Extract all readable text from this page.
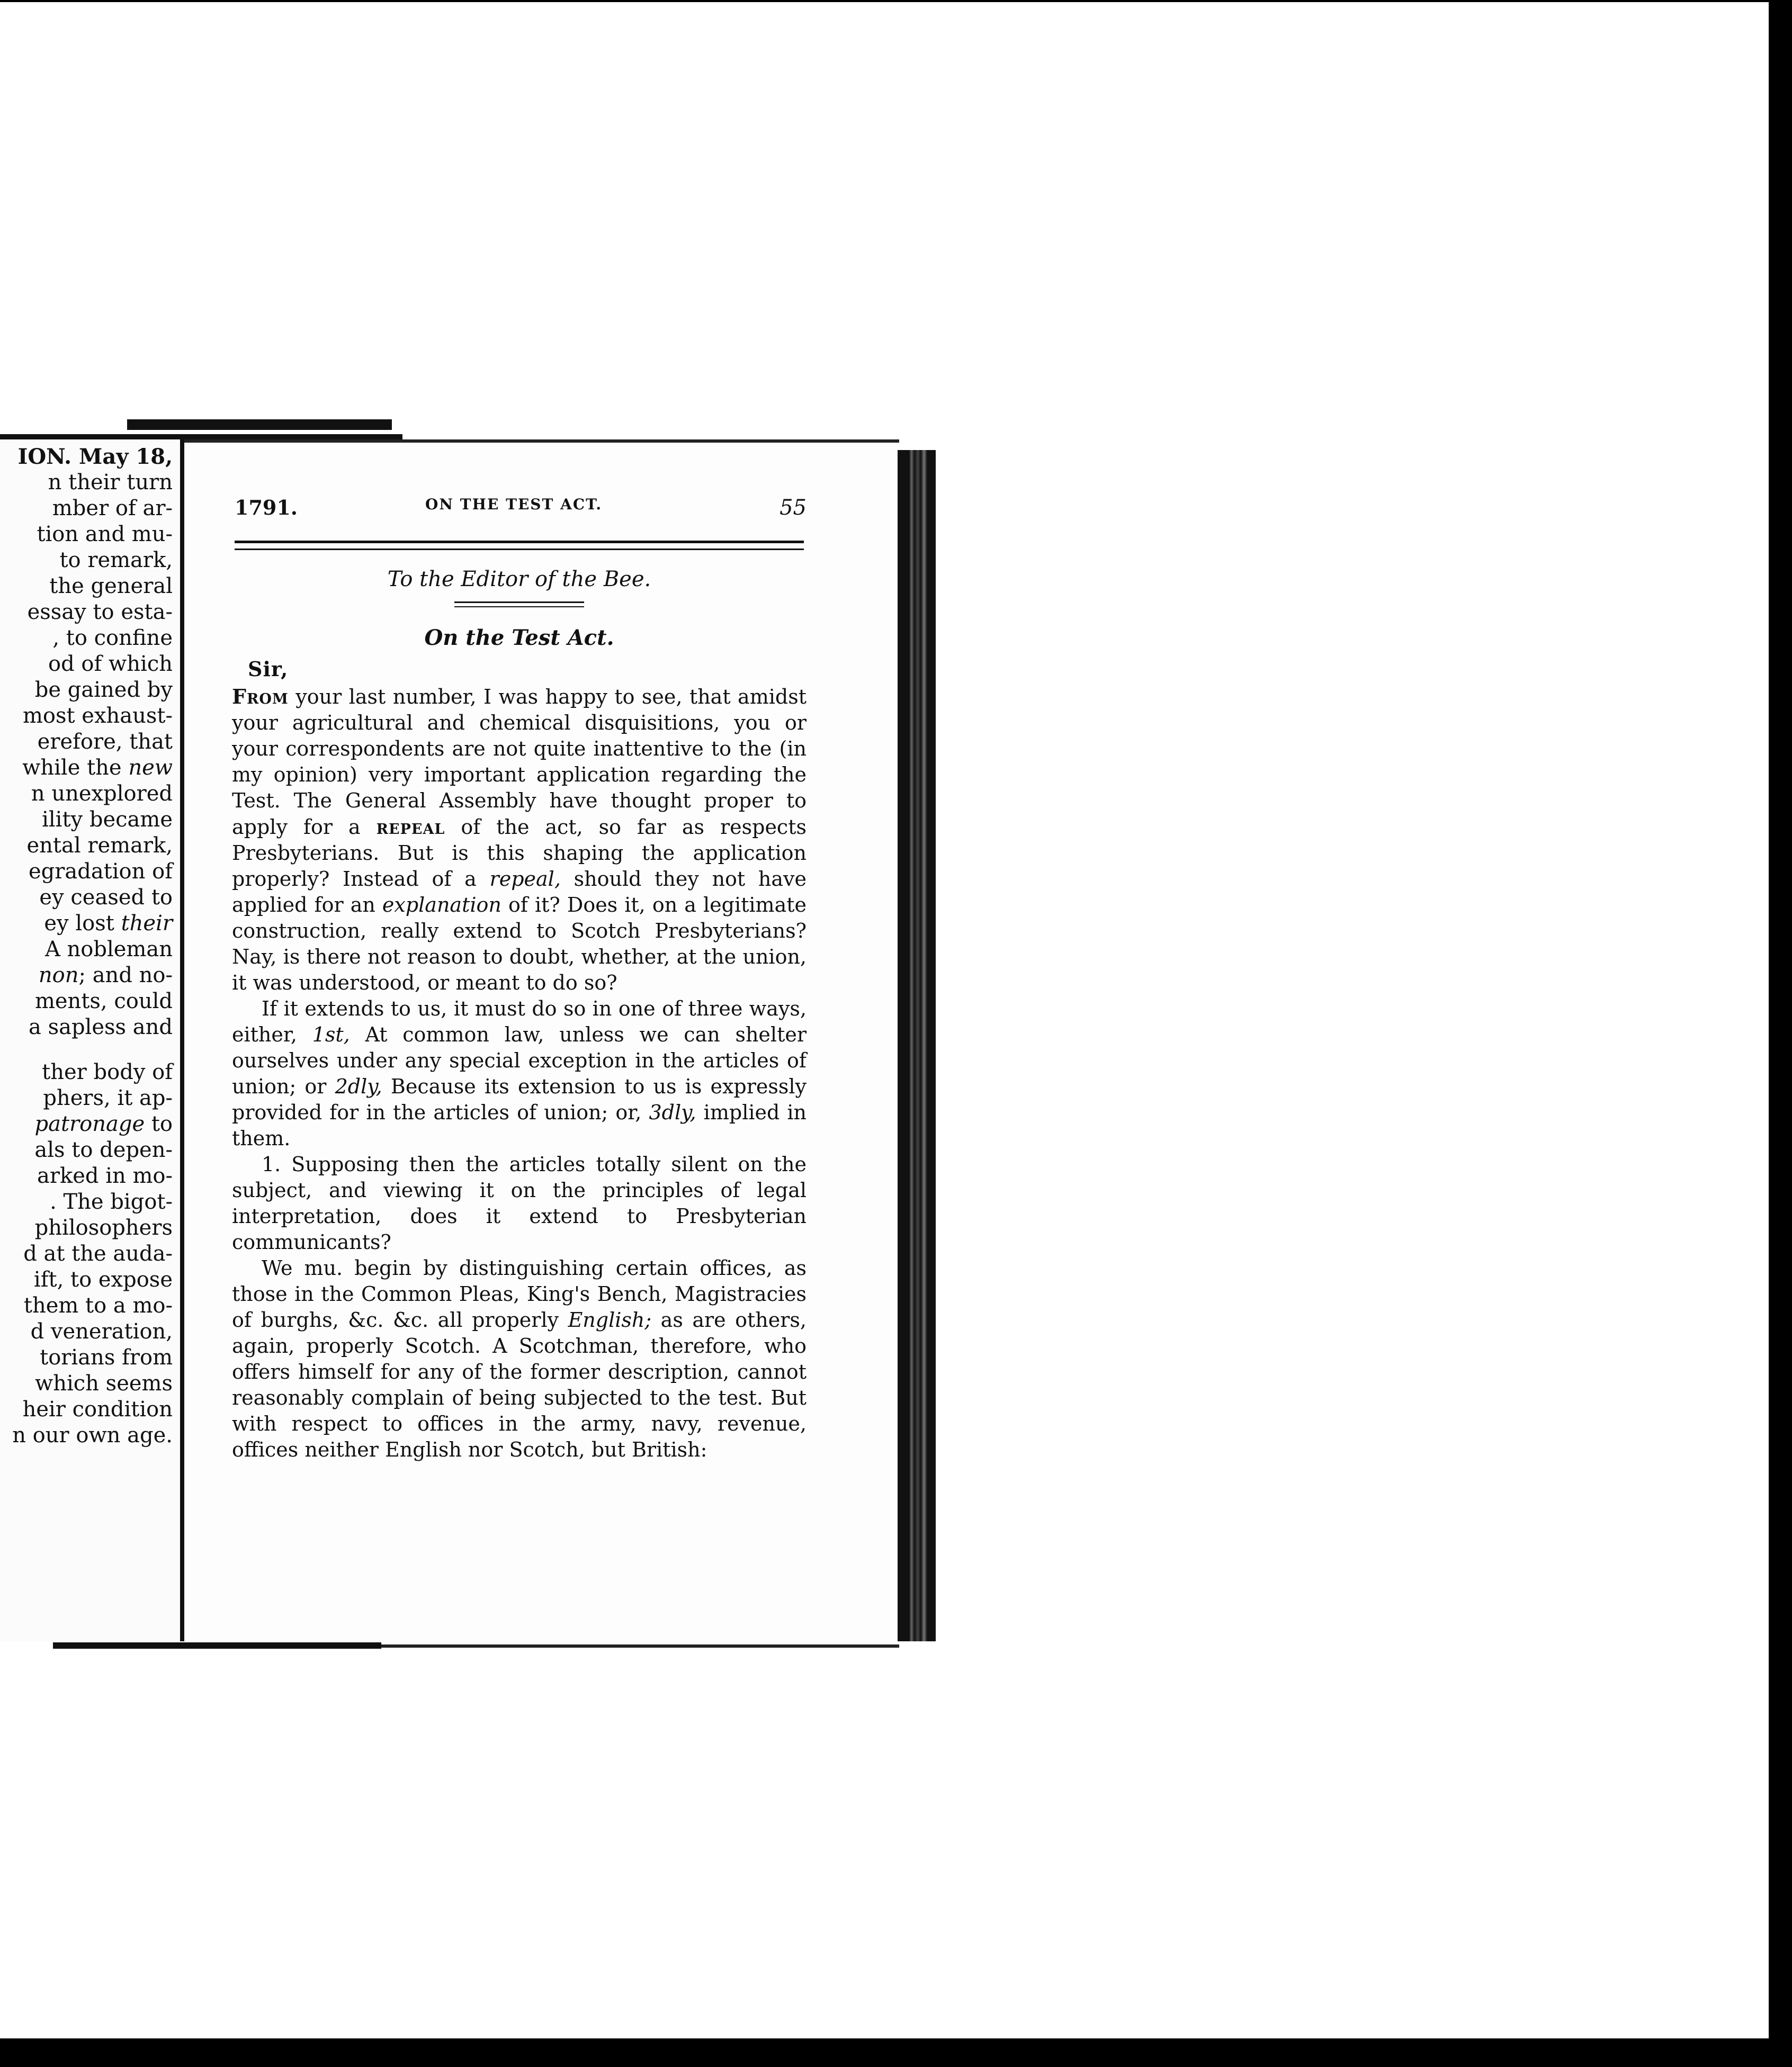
ION. May 18,
n their turn
mber of ar-
tion and mu-
to remark,
the general
essay to esta-
, to confine
od of which
be gained by
most exhaust-
erefore, that
while the new
n unexplored
ility became
ental remark,
egradation of
ey ceased to
ey lost their
A nobleman
non; and no-
ments, could
a sapless and
ther body of
phers, it ap-
patronage to
als to depen-
arked in mo-
. The bigot-
philosophers
d at the auda-
ift, to expose
them to a mo-
d veneration,
torians from
which seems
heir condition
n our own age.
1791.	ON THE TEST ACT.	55
To the Editor of the Bee.
On the Test Act.
Sir,

From your last number, I was happy to see, that amidst your agricultural and chemical disquisitions, you or your correspondents are not quite inattentive to the (in my opinion) very important application regarding the Test. The General Assembly have thought proper to apply for a repeal of the act, so far as respects Presbyterians. But is this shaping the application properly? Instead of a repeal, should they not have applied for an explanation of it? Does it, on a legitimate construction, really extend to Scotch Presbyterians? Nay, is there not reason to doubt, whether, at the union, it was understood, or meant to do so?

If it extends to us, it must do so in one of three ways, either, 1st, At common law, unless we can shelter ourselves under any special exception in the articles of union; or 2dly, Because its extension to us is expressly provided for in the articles of union; or, 3dly, implied in them.

1. Supposing then the articles totally silent on the subject, and viewing it on the principles of legal interpretation, does it extend to Presbyterian communicants?

We mu. begin by distinguishing certain offices, as those in the Common Pleas, King's Bench, Magistracies of burghs, &c. &c. all properly English; as are others, again, properly Scotch. A Scotchman, therefore, who offers himself for any of the former description, cannot reasonably complain of being subjected to the test. But with respect to offices in the army, navy, revenue, offices neither English nor Scotch, but British:
